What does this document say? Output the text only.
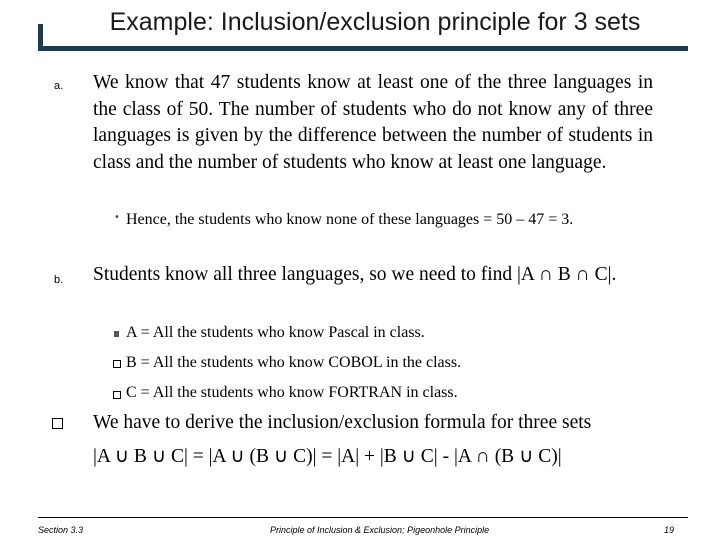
Example: Inclusion/exclusion principle for 3 sets
a. We know that 47 students know at least one of the three languages in the class of 50. The number of students who do not know any of three languages is given by the difference between the number of students in class and the number of students who know at least one language.
• Hence, the students who know none of these languages = 50 – 47 = 3.
b. Students know all three languages, so we need to find |A ∩ B ∩ C|.
A = All the students who know Pascal in class.
B = All the students who know COBOL in the class.
C = All the students who know FORTRAN in class.
We have to derive the inclusion/exclusion formula for three sets
|A ∪ B ∪ C| = |A ∪ (B ∪ C)| = |A| + |B ∪ C| - |A ∩ (B ∪ C)|
Section 3.3	Principle of Inclusion & Exclusion; Pigeonhole Principle	19
